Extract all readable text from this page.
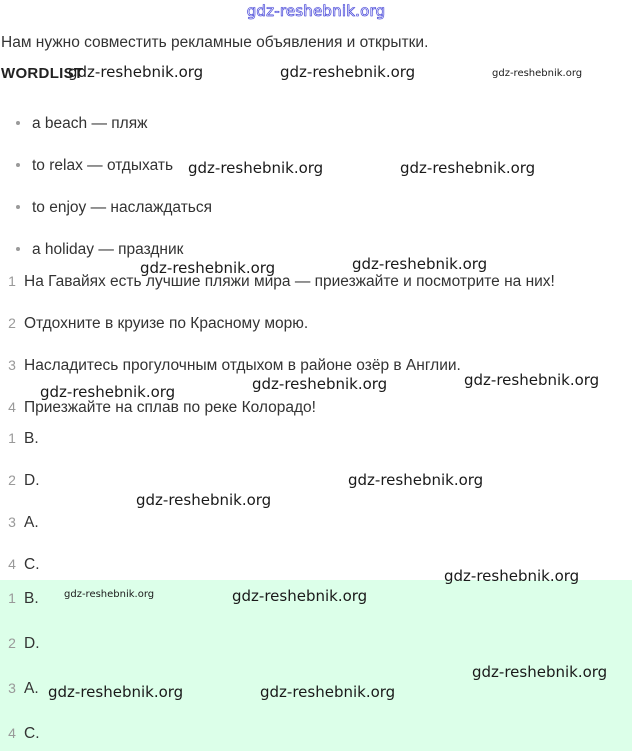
gdz-reshebnik.org
Нам нужно совместить рекламные объявления и открытки.
WORDLIST
a beach — пляж
to relax — отдыхать
to enjoy — наслаждаться
a holiday — праздник
1 На Гавайях есть лучшие пляжи мира — приезжайте и посмотрите на них!
2 Отдохните в круизе по Красному морю.
3 Насладитесь прогулочным отдыхом в районе озёр в Англии.
4 Приезжайте на сплав по реке Колорадо!
1 B.
2 D.
3 A.
4 C.
1 B.
2 D.
3 A.
4 C.
gdz-reshebnik.org	gdz-reshebnik.org	gdz-reshebnik.org
gdz-reshebnik.org	gdz-reshebnik.org
gdz-reshebnik.org	gdz-reshebnik.org
gdz-reshebnik.org	gdz-reshebnik.org	gdz-reshebnik.org
gdz-reshebnik.org
gdz-reshebnik.org
gdz-reshebnik.org
gdz-reshebnik.org	gdz-reshebnik.org
gdz-reshebnik.org
gdz-reshebnik.org	gdz-reshebnik.org
